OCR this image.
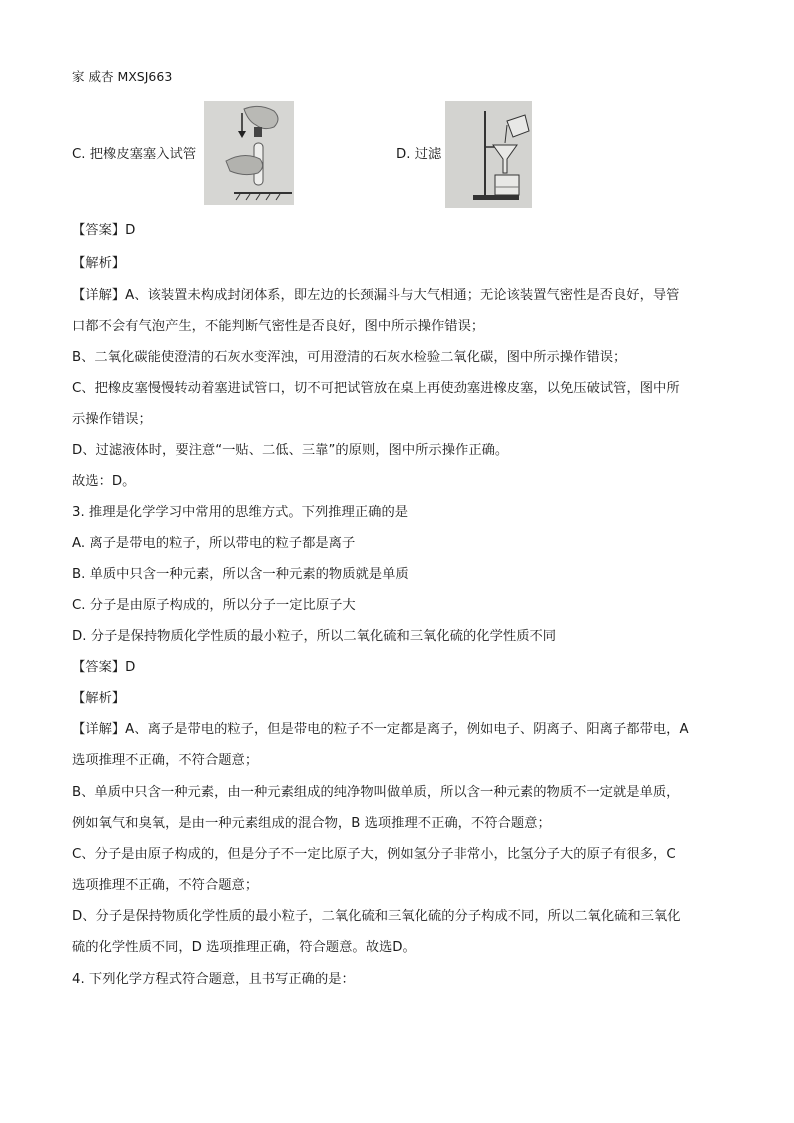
家 威杏 MXSJ663
C. 把橡皮塞塞入试管	D. 过滤
【答案】D
【解析】
【详解】A、该装置未构成封闭体系，即左边的长颈漏斗与大气相通；无论该装置气密性是否良好，导管
口都不会有气泡产生，不能判断气密性是否良好，图中所示操作错误；
B、二氧化碳能使澄清的石灰水变浑浊，可用澄清的石灰水检验二氧化碳，图中所示操作错误；
C、把橡皮塞慢慢转动着塞进试管口，切不可把试管放在桌上再使劲塞进橡皮塞，以免压破试管，图中所
示操作错误；
D、过滤液体时，要注意“一贴、二低、三靠”的原则，图中所示操作正确。
故选：D。
3. 推理是化学学习中常用的思维方式。下列推理正确的是
A. 离子是带电的粒子，所以带电的粒子都是离子
B. 单质中只含一种元素，所以含一种元素的物质就是单质
C. 分子是由原子构成的，所以分子一定比原子大
D. 分子是保持物质化学性质的最小粒子，所以二氧化硫和三氧化硫的化学性质不同
【答案】D
【解析】
【详解】A、离子是带电的粒子，但是带电的粒子不一定都是离子，例如电子、阴离子、阳离子都带电，A
选项推理不正确，不符合题意；
B、单质中只含一种元素，由一种元素组成的纯净物叫做单质，所以含一种元素的物质不一定就是单质，
例如氧气和臭氧，是由一种元素组成的混合物，B 选项推理不正确，不符合题意；
C、分子是由原子构成的，但是分子不一定比原子大，例如氢分子非常小，比氢分子大的原子有很多，C
选项推理不正确，不符合题意；
D、分子是保持物质化学性质的最小粒子，二氧化硫和三氧化硫的分子构成不同，所以二氧化硫和三氧化
硫的化学性质不同，D 选项推理正确，符合题意。故选D。
4. 下列化学方程式符合题意，且书写正确的是：
